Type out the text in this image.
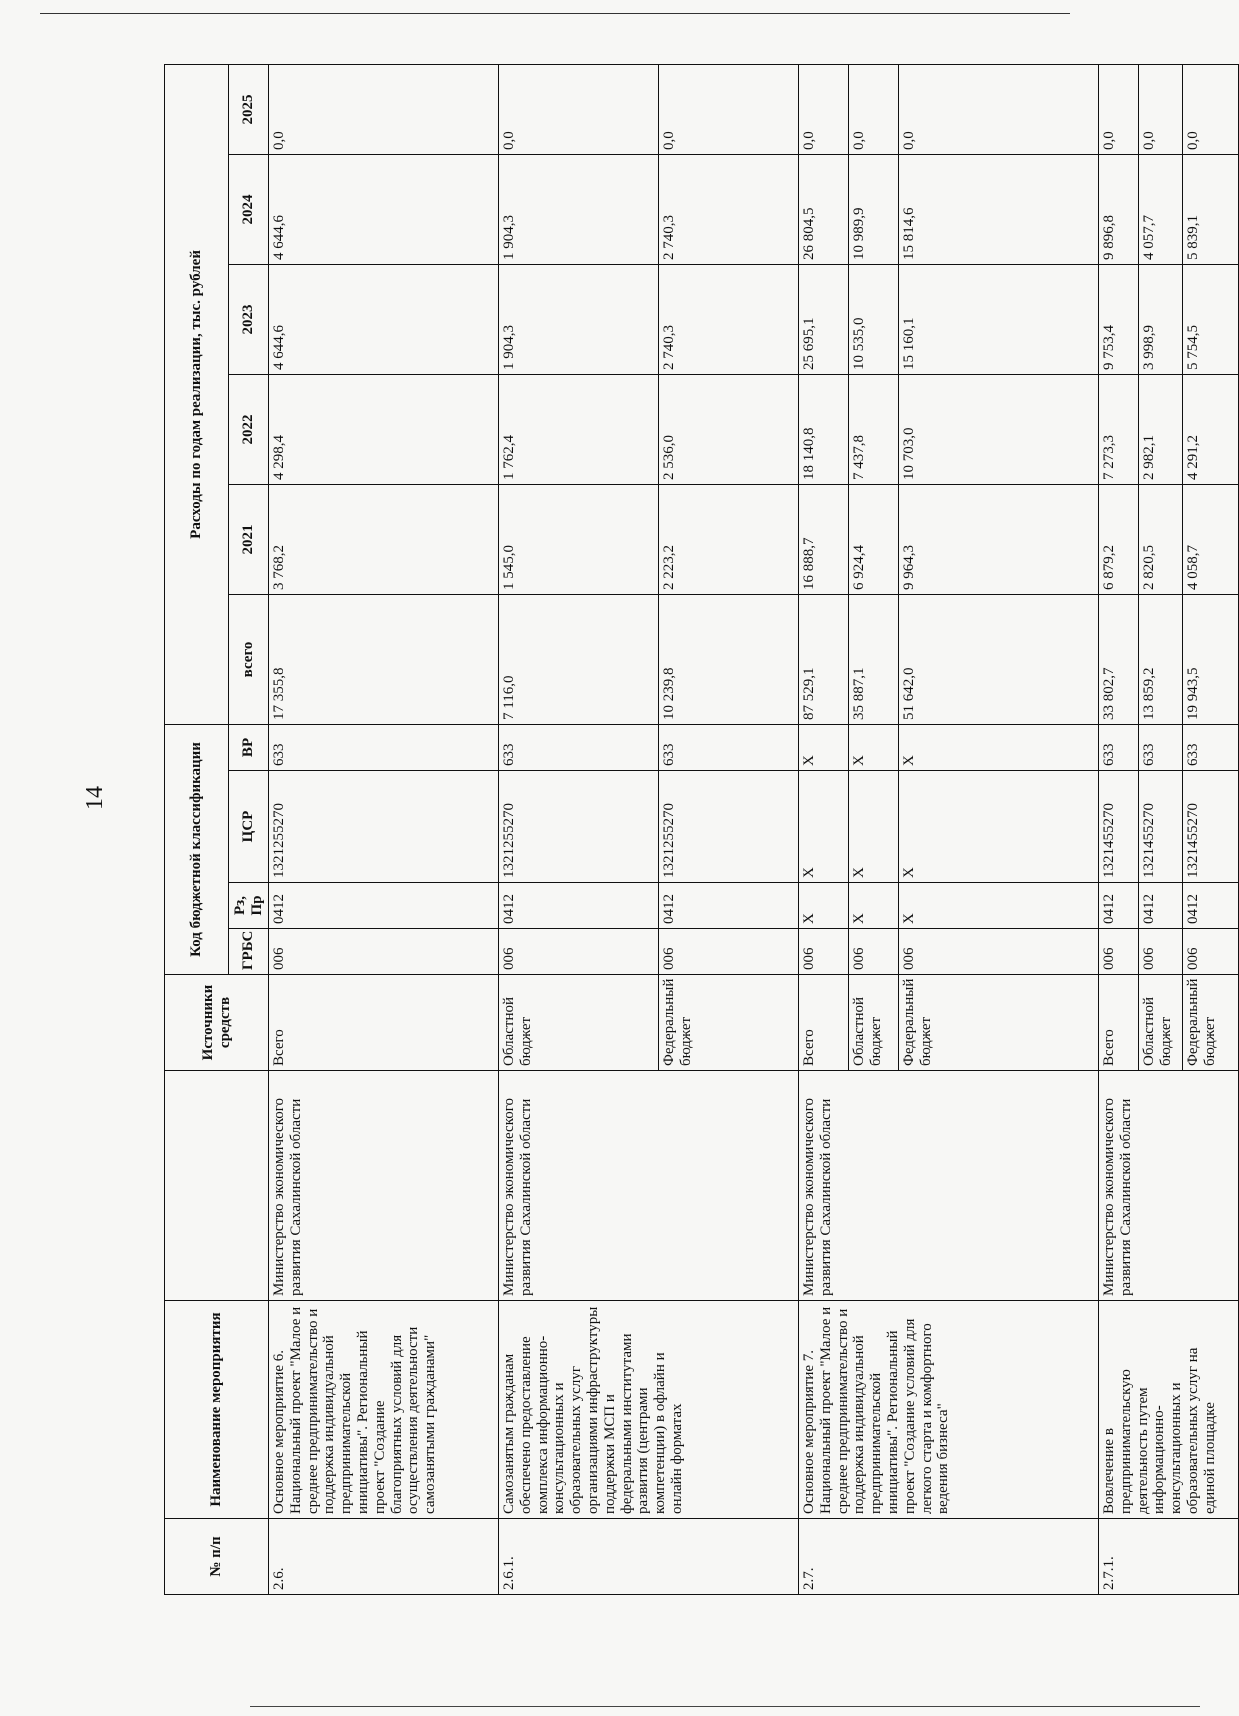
14
№ п/п	Наименование мероприятия		Источники средств	Код бюджетной классификации				Расходы по годам реализации, тыс. рублей					
				ГРБС	Рз, Пр	ЦСР	ВР	всего	2021	2022	2023	2024	2025
2.6.	Основное мероприятие 6. Национальный проект "Малое и среднее предпринимательство и поддержка индивидуальной предпринимательской инициативы". Региональный проект "Создание благоприятных условий для осуществления деятельности самозанятыми гражданами"	Министерство экономического развития Сахалинской области	Всего	006	0412	1321255270	633	17 355,8	3 768,2	4 298,4	4 644,6	4 644,6	0,0
2.6.1.	Самозанятым гражданам обеспечено предоставление комплекса информационно-консультационных и образовательных услуг организациями инфраструктуры поддержки МСП и федеральными институтами развития (центрами компетенции) в офлайн и онлайн форматах	Министерство экономического развития Сахалинской области	Областной бюджет	006	0412	1321255270	633	7 116,0	1 545,0	1 762,4	1 904,3	1 904,3	0,0
			Федеральный бюджет	006	0412	1321255270	633	10 239,8	2 223,2	2 536,0	2 740,3	2 740,3	0,0
2.7.	Основное мероприятие 7. Национальный проект "Малое и среднее предпринимательство и поддержка индивидуальной предпринимательской инициативы". Региональный проект "Создание условий для легкого старта и комфортного ведения бизнеса"	Министерство экономического развития Сахалинской области	Всего	006	X	X	X	87 529,1	16 888,7	18 140,8	25 695,1	26 804,5	0,0
			Областной бюджет	006	X	X	X	35 887,1	6 924,4	7 437,8	10 535,0	10 989,9	0,0
			Федеральный бюджет	006	X	X	X	51 642,0	9 964,3	10 703,0	15 160,1	15 814,6	0,0
2.7.1.	Вовлечение в предпринимательскую деятельность путем информационно-консультационных и образовательных услуг на единой площадке	Министерство экономического развития Сахалинской области	Всего	006	0412	1321455270	633	33 802,7	6 879,2	7 273,3	9 753,4	9 896,8	0,0
			Областной бюджет	006	0412	1321455270	633	13 859,2	2 820,5	2 982,1	3 998,9	4 057,7	0,0
			Федеральный бюджет	006	0412	1321455270	633	19 943,5	4 058,7	4 291,2	5 754,5	5 839,1	0,0
